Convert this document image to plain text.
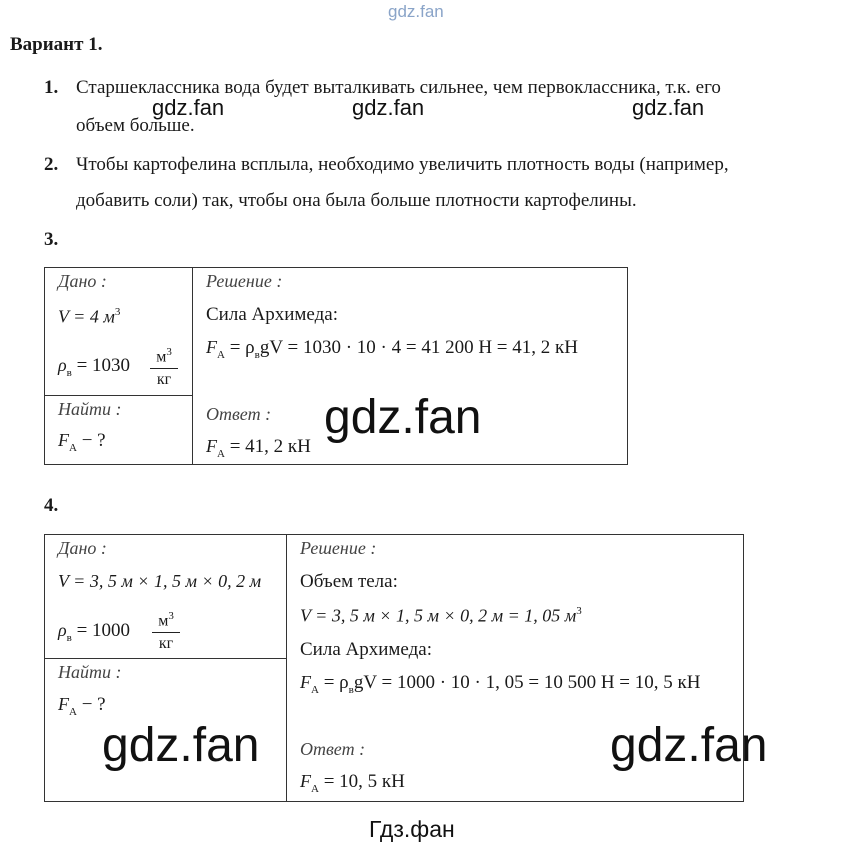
gdz.fan
Вариант 1.
1. Старшеклассника вода будет выталкивать сильнее, чем первоклассника, т.к. его
объем больше.
gdz.fan	gdz.fan	gdz.fan
2. Чтобы картофелина всплыла, необходимо увеличить плотность воды (например,
добавить соли) так, чтобы она была больше плотности картофелины.
3.
Дано :
V = 4 $м^3$
$\rho_в = 1030$ $м^3$
кг
Найти :
$F_A$ − ?
Решение :
Сила Архимеда:
$F_A = \rho_вgV = 1030 \cdot 10 \cdot 4 = 41$ 200 Н = 41, 2 кН
Ответ :
$F_A = 41$, 2 кН
gdz.fan
4.
Дано :
V = 3, 5 м × 1, 5 м × 0, 2 м
$\rho_в = 1000$ $м^3$
кг
Найти :
$F_A$ − ?
Решение :
Объем тела:
V = 3, 5 м × 1, 5 м × 0, 2 м = 1, 05 $м^3$
Сила Архимеда:
$F_A = \rho_вgV = 1000 \cdot 10 \cdot 1$, 05 = 10 500 Н = 10, 5 кН
Ответ :
$F_A = 10$, 5 кН
gdz.fan	gdz.fan
Гдз.фан
